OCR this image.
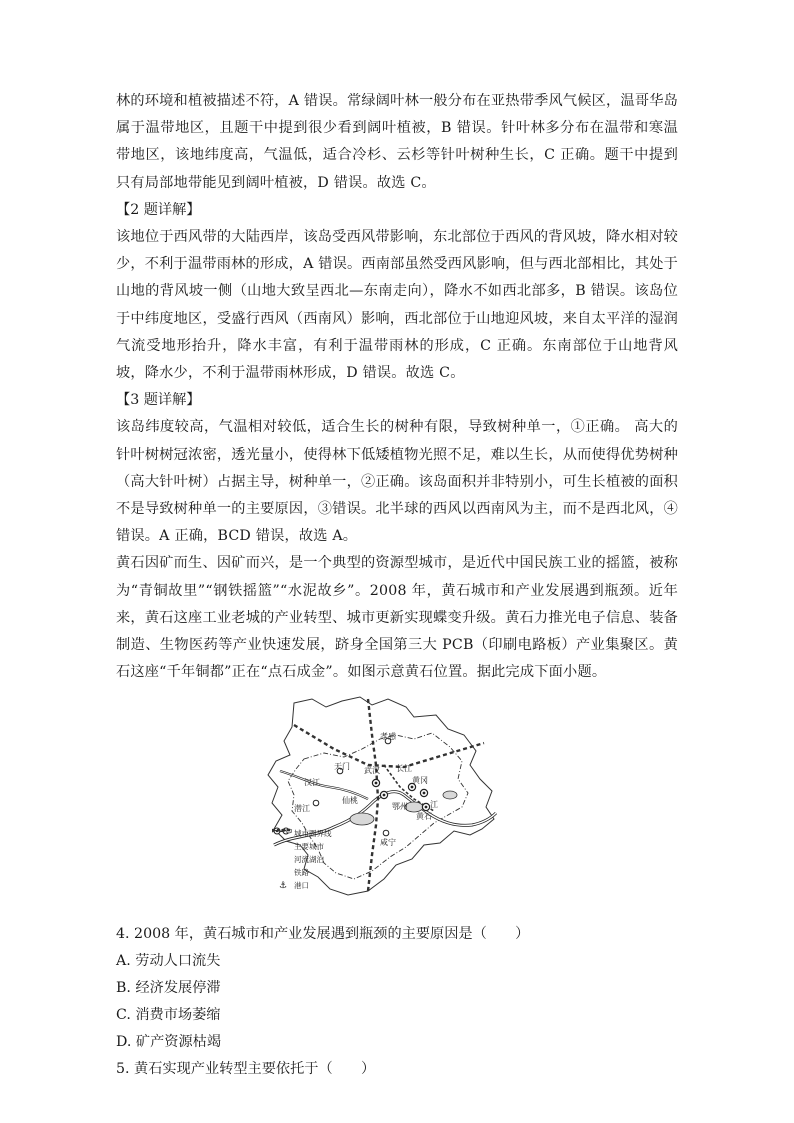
林的环境和植被描述不符，A 错误。常绿阔叶林一般分布在亚热带季风气候区，温哥华岛属于温带地区，且题干中提到很少看到阔叶植被，B 错误。针叶林多分布在温带和寒温带地区，该地纬度高，气温低，适合冷杉、云杉等针叶树种生长，C 正确。题干中提到只有局部地带能见到阔叶植被，D 错误。故选 C。

【2 题详解】

该地位于西风带的大陆西岸，该岛受西风带影响，东北部位于西风的背风坡，降水相对较少，不利于温带雨林的形成，A 错误。西南部虽然受西风影响，但与西北部相比，其处于山地的背风坡一侧（山地大致呈西北—东南走向），降水不如西北部多，B 错误。该岛位于中纬度地区，受盛行西风（西南风）影响，西北部位于山地迎风坡，来自太平洋的湿润气流受地形抬升，降水丰富，有利于温带雨林的形成，C 正确。东南部位于山地背风坡，降水少，不利于温带雨林形成，D 错误。故选 C。

【3 题详解】

该岛纬度较高，气温相对较低，适合生长的树种有限，导致树种单一，①正确。 高大的针叶树树冠浓密，透光量小，使得林下低矮植物光照不足，难以生长，从而使得优势树种（高大针叶树）占据主导，树种单一，②正确。该岛面积并非特别小，可生长植被的面积不是导致树种单一的主要原因，③错误。北半球的西风以西南风为主，而不是西北风，④错误。A 正确，BCD 错误，故选 A。

黄石因矿而生、因矿而兴，是一个典型的资源型城市，是近代中国民族工业的摇篮，被称为“青铜故里”“钢铁摇篮”“水泥故乡”。2008 年，黄石城市和产业发展遇到瓶颈。近年来，黄石这座工业老城的产业转型、城市更新实现蝶变升级。黄石力推光电子信息、装备制造、生物医药等产业快速发展，跻身全国第三大 PCB（印刷电路板）产业集聚区。黄石这座“千年铜都”正在“点石成金”。如图示意黄石位置。据此完成下面小题。

孝感
天门 武汉 长江
黄冈
汉江
仙桃
潜江	鄂州	江
黄石
咸宁
城市圈界线
主要城市
河流湖泊
铁路
⚓ 港口

4. 2008 年，黄石城市和产业发展遇到瓶颈的主要原因是（　　）

A. 劳动人口流失
B. 经济发展停滞
C. 消费市场萎缩
D. 矿产资源枯竭

5. 黄石实现产业转型主要依托于（　　）
